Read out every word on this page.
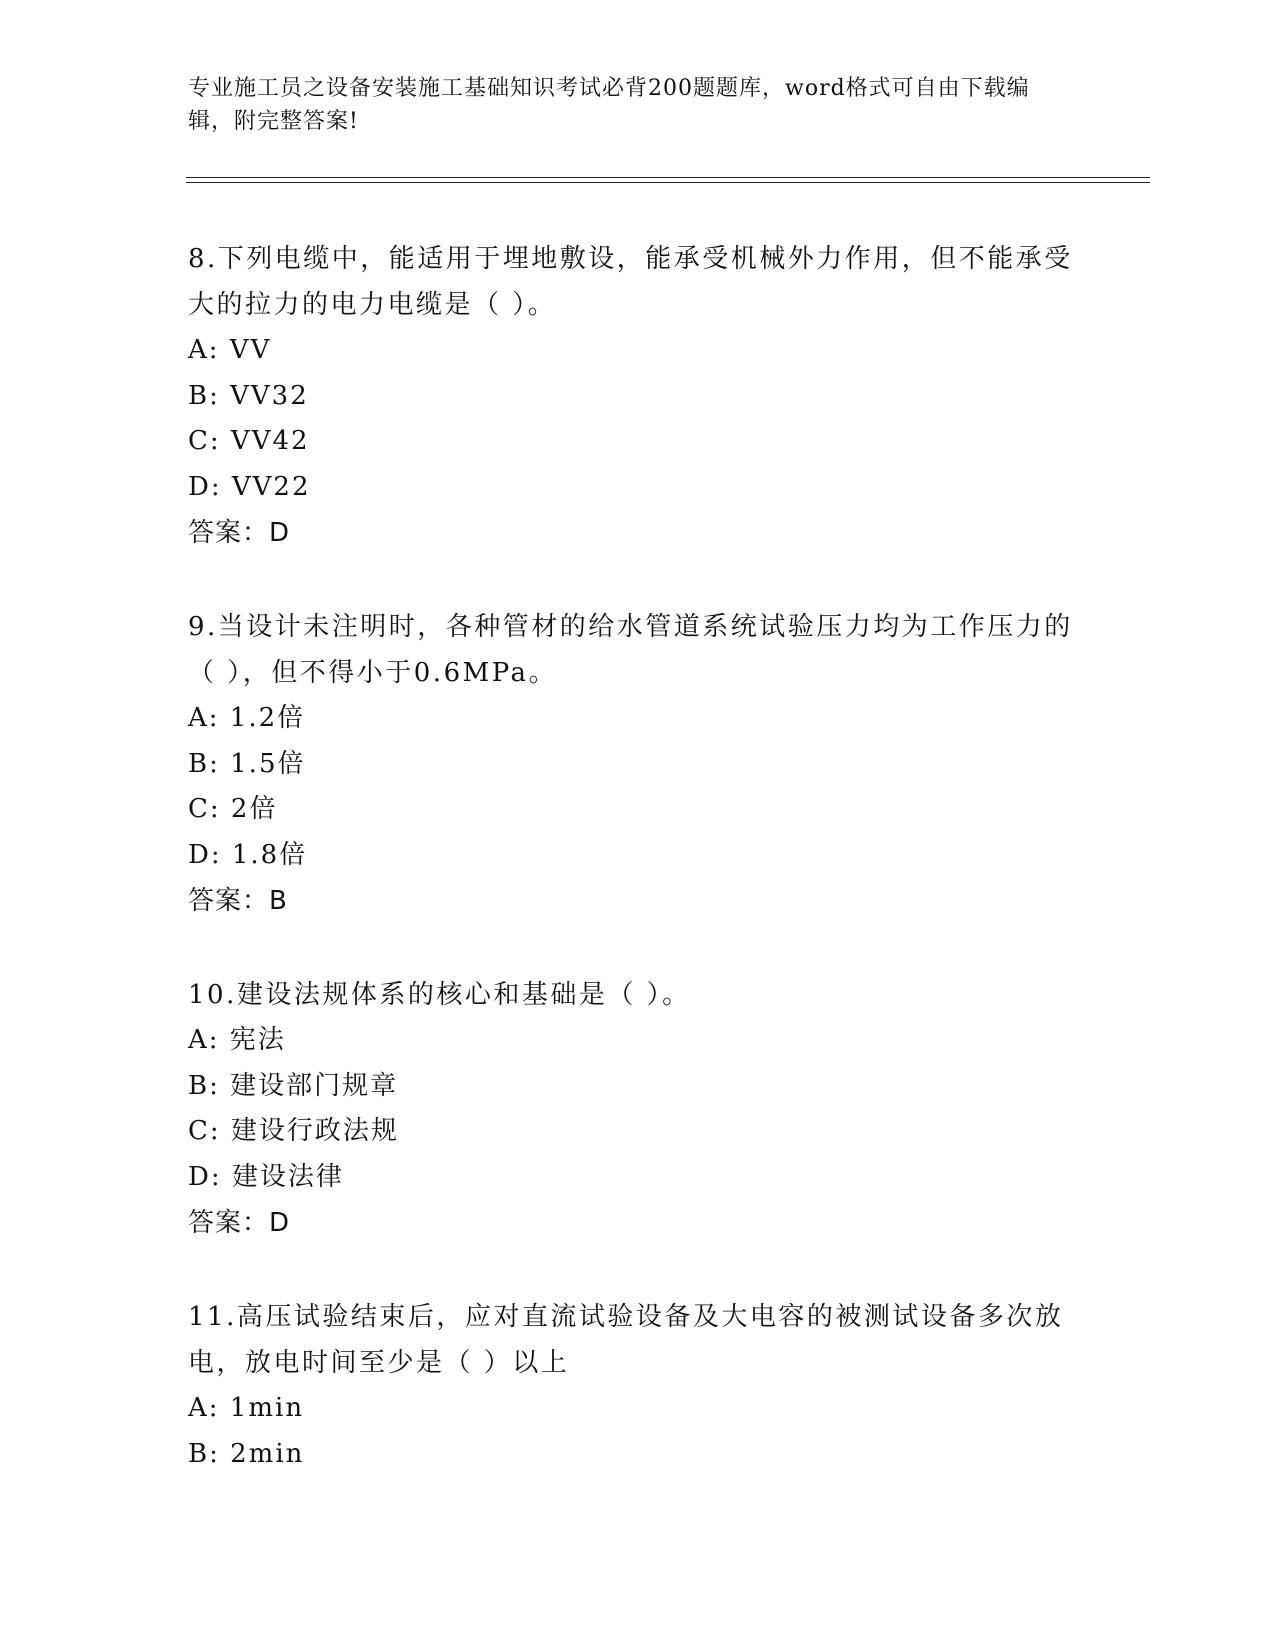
专业施工员之设备安装施工基础知识考试必背200题题库，word格式可自由下载编辑，附完整答案!

8.下列电缆中，能适用于埋地敷设，能承受机械外力作用，但不能承受大的拉力的电力电缆是（ ）。

A: VV

B: VV32

C: VV42

D: VV22

答案：D

9.当设计未注明时，各种管材的给水管道系统试验压力均为工作压力的（ ），但不得小于0.6MPa。

A: 1.2倍

B: 1.5倍

C: 2倍

D: 1.8倍

答案：B

10.建设法规体系的核心和基础是（ ）。

A: 宪法

B: 建设部门规章

C: 建设行政法规

D: 建设法律

答案：D

11.高压试验结束后，应对直流试验设备及大电容的被测试设备多次放电，放电时间至少是（ ）以上

A: 1min

B: 2min
